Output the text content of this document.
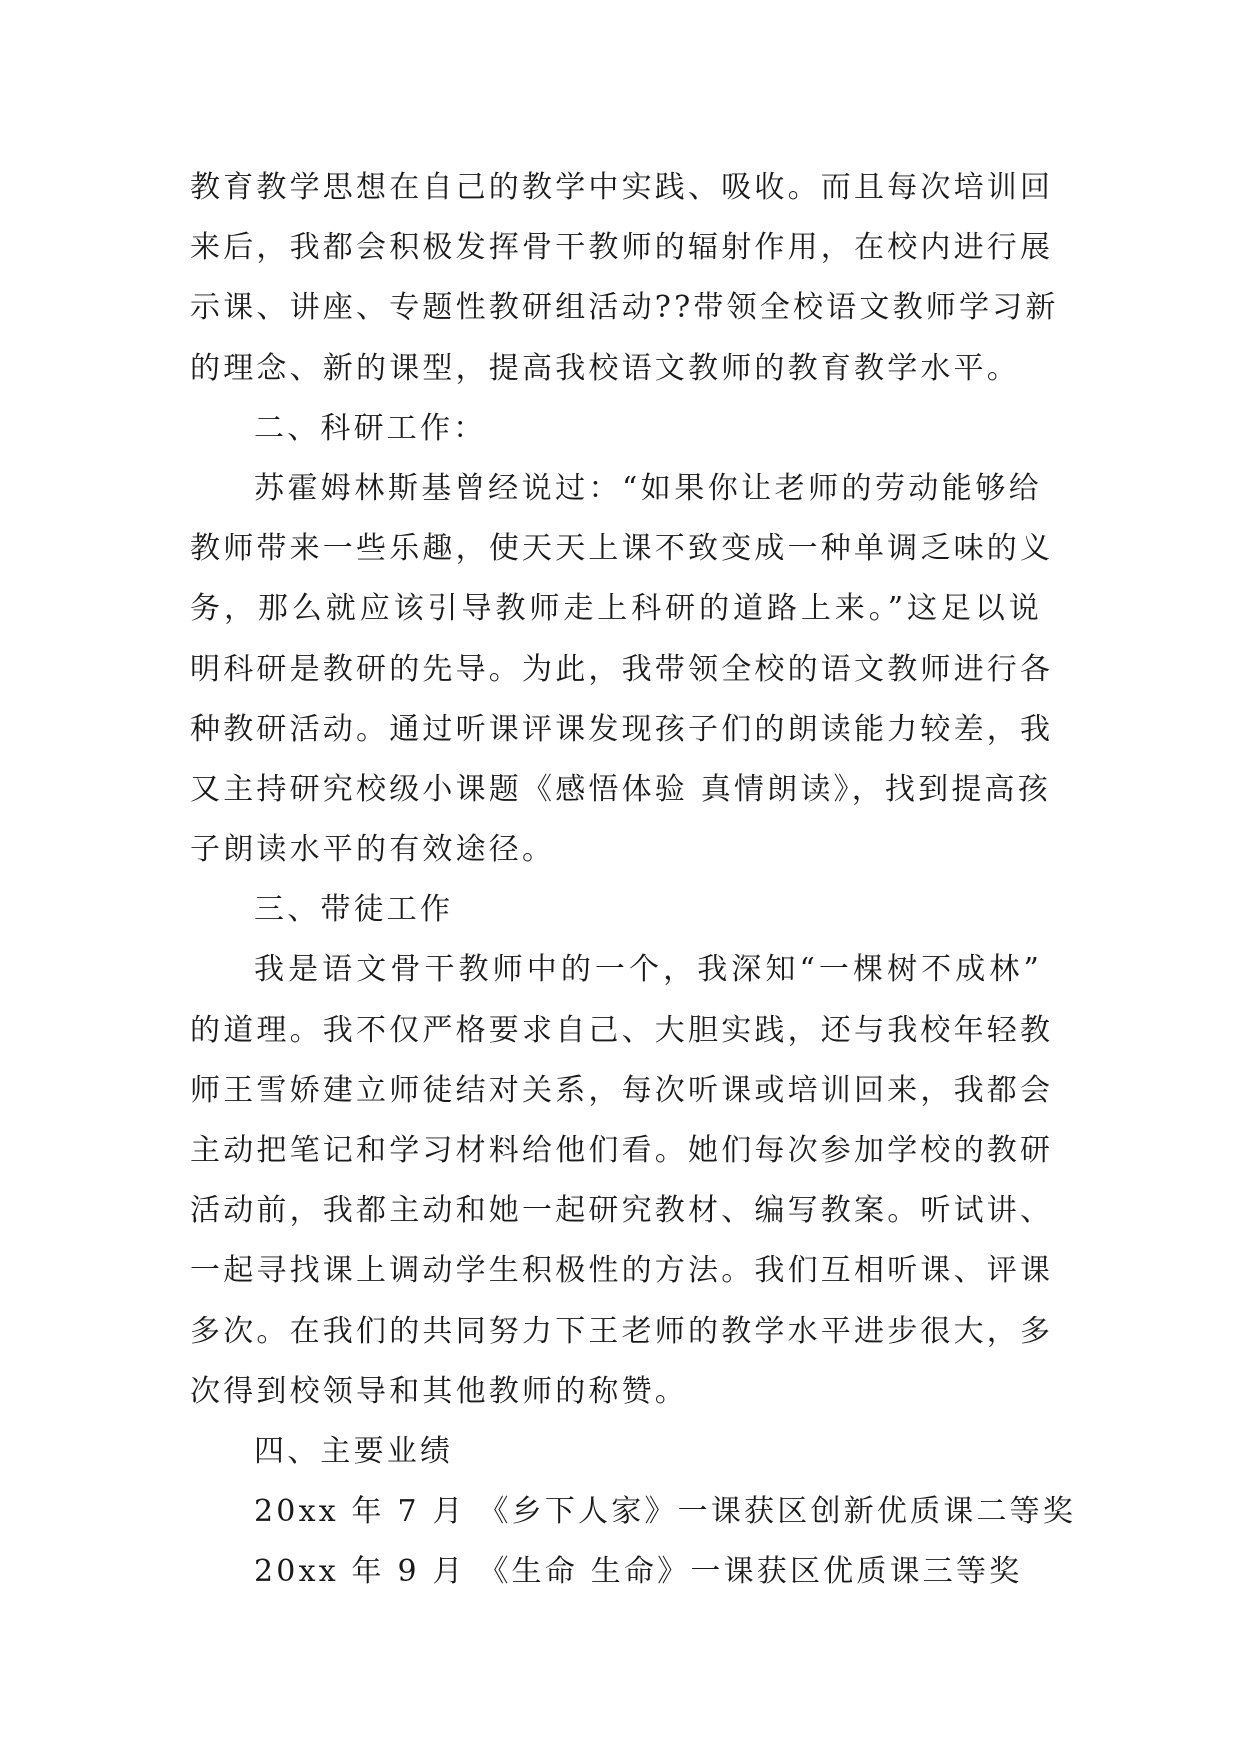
教育教学思想在自己的教学中实践、吸收。而且每次培训回
来后，我都会积极发挥骨干教师的辐射作用，在校内进行展
示课、讲座、专题性教研组活动??带领全校语文教师学习新
的理念、新的课型，提高我校语文教师的教育教学水平。
二、科研工作：
苏霍姆林斯基曾经说过：“如果你让老师的劳动能够给
教师带来一些乐趣，使天天上课不致变成一种单调乏味的义
务，那么就应该引导教师走上科研的道路上来。”这足以说
明科研是教研的先导。为此，我带领全校的语文教师进行各
种教研活动。通过听课评课发现孩子们的朗读能力较差，我
又主持研究校级小课题《感悟体验 真情朗读》，找到提高孩
子朗读水平的有效途径。
三、带徒工作
我是语文骨干教师中的一个，我深知“一棵树不成林”
的道理。我不仅严格要求自己、大胆实践，还与我校年轻教
师王雪娇建立师徒结对关系，每次听课或培训回来，我都会
主动把笔记和学习材料给他们看。她们每次参加学校的教研
活动前，我都主动和她一起研究教材、编写教案。听试讲、
一起寻找课上调动学生积极性的方法。我们互相听课、评课
多次。在我们的共同努力下王老师的教学水平进步很大，多
次得到校领导和其他教师的称赞。
四、主要业绩
20xx 年 7 月 《乡下人家》一课获区创新优质课二等奖
20xx 年 9 月 《生命 生命》一课获区优质课三等奖
